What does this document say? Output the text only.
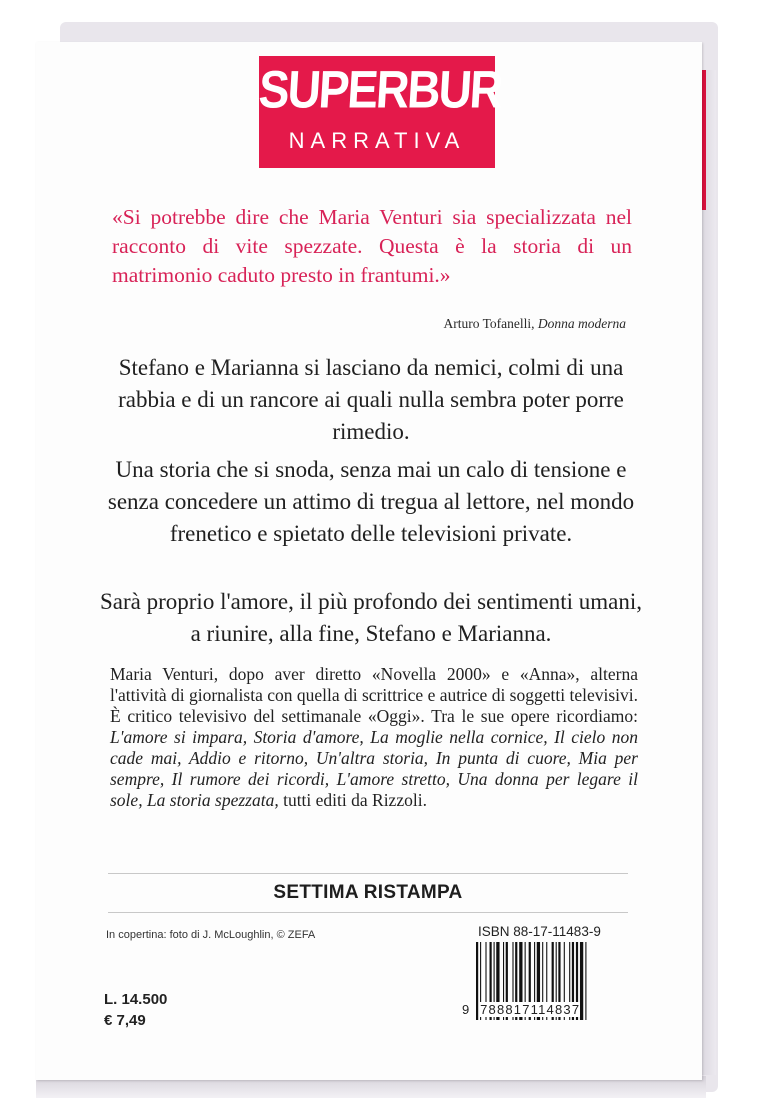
SUPERBUR
NARRATIVA
«Si potrebbe dire che Maria Venturi sia specializzata nel racconto di vite spezzate. Questa è la storia di un matrimonio caduto presto in frantumi.»
Arturo Tofanelli, Donna moderna
Stefano e Marianna si lasciano da nemici, colmi di una rabbia e di un rancore ai quali nulla sembra poter porre rimedio.
Una storia che si snoda, senza mai un calo di tensione e senza concedere un attimo di tregua al lettore, nel mondo frenetico e spietato delle televisioni private.
Sarà proprio l'amore, il più profondo dei sentimenti umani, a riunire, alla fine, Stefano e Marianna.
Maria Venturi, dopo aver diretto «Novella 2000» e «Anna», alterna l'attività di giornalista con quella di scrittrice e autrice di soggetti televisivi. È critico televisivo del settimanale «Oggi». Tra le sue opere ricordiamo: L'amore si impara, Storia d'amore, La moglie nella cornice, Il cielo non cade mai, Addio e ritorno, Un'altra storia, In punta di cuore, Mia per sempre, Il rumore dei ricordi, L'amore stretto, Una donna per legare il sole, La storia spezzata, tutti editi da Rizzoli.
SETTIMA RISTAMPA
In copertina: foto di J. McLoughlin, © ZEFA	ISBN 88-17-11483-9
9 788817114837
L. 14.500
€ 7,49
